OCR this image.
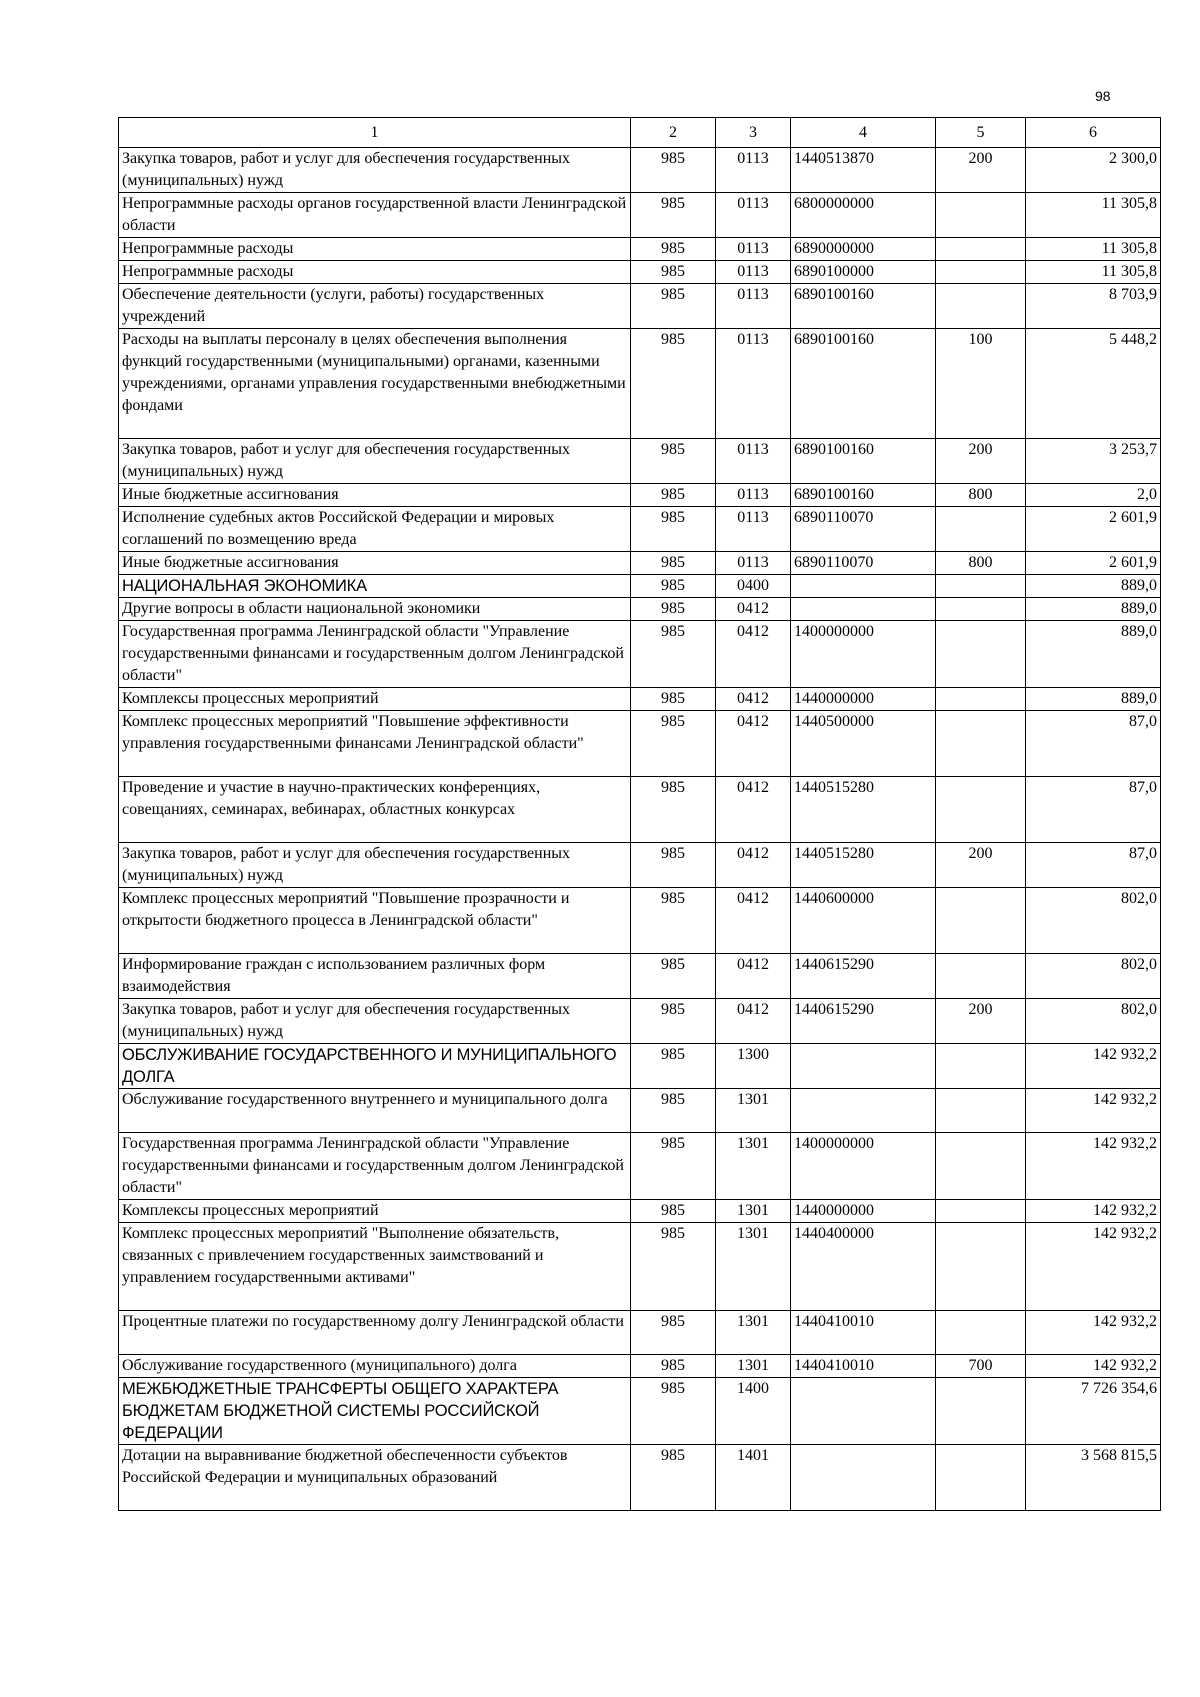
98
1	2	3	4	5	6
Закупка товаров, работ и услуг для обеспечения государственных (муниципальных) нужд	985	0113	1440513870	200	2 300,0
Непрограммные расходы органов государственной власти Ленинградской области	985	0113	6800000000		11 305,8
Непрограммные расходы	985	0113	6890000000		11 305,8
Непрограммные расходы	985	0113	6890100000		11 305,8
Обеспечение деятельности (услуги, работы) государственных учреждений	985	0113	6890100160		8 703,9
Расходы на выплаты персоналу в целях обеспечения выполнения функций государственными (муниципальными) органами, казенными учреждениями, органами управления государственными внебюджетными фондами	985	0113	6890100160	100	5 448,2
Закупка товаров, работ и услуг для обеспечения государственных (муниципальных) нужд	985	0113	6890100160	200	3 253,7
Иные бюджетные ассигнования	985	0113	6890100160	800	2,0
Исполнение судебных актов Российской Федерации и мировых соглашений по возмещению вреда	985	0113	6890110070		2 601,9
Иные бюджетные ассигнования	985	0113	6890110070	800	2 601,9
НАЦИОНАЛЬНАЯ ЭКОНОМИКА	985	0400			889,0
Другие вопросы в области национальной экономики	985	0412			889,0
Государственная программа Ленинградской области "Управление государственными финансами и государственным долгом Ленинградской области"	985	0412	1400000000		889,0
Комплексы процессных мероприятий	985	0412	1440000000		889,0
Комплекс процессных мероприятий "Повышение эффективности управления государственными финансами Ленинградской области"	985	0412	1440500000		87,0
Проведение и участие в научно-практических конференциях, совещаниях, семинарах, вебинарах, областных конкурсах	985	0412	1440515280		87,0
Закупка товаров, работ и услуг для обеспечения государственных (муниципальных) нужд	985	0412	1440515280	200	87,0
Комплекс процессных мероприятий "Повышение прозрачности и открытости бюджетного процесса в Ленинградской области"	985	0412	1440600000		802,0
Информирование граждан с использованием различных форм взаимодействия	985	0412	1440615290		802,0
Закупка товаров, работ и услуг для обеспечения государственных (муниципальных) нужд	985	0412	1440615290	200	802,0
ОБСЛУЖИВАНИЕ ГОСУДАРСТВЕННОГО И МУНИЦИПАЛЬНОГО ДОЛГА	985	1300			142 932,2
Обслуживание государственного внутреннего и муниципального долга	985	1301			142 932,2
Государственная программа Ленинградской области "Управление государственными финансами и государственным долгом Ленинградской области"	985	1301	1400000000		142 932,2
Комплексы процессных мероприятий	985	1301	1440000000		142 932,2
Комплекс процессных мероприятий "Выполнение обязательств, связанных с привлечением государственных заимствований и управлением государственными активами"	985	1301	1440400000		142 932,2
Процентные платежи по государственному долгу Ленинградской области	985	1301	1440410010		142 932,2
Обслуживание государственного (муниципального) долга	985	1301	1440410010	700	142 932,2
МЕЖБЮДЖЕТНЫЕ ТРАНСФЕРТЫ ОБЩЕГО ХАРАКТЕРА БЮДЖЕТАМ БЮДЖЕТНОЙ СИСТЕМЫ РОССИЙСКОЙ ФЕДЕРАЦИИ	985	1400			7 726 354,6
Дотации на выравнивание бюджетной обеспеченности субъектов Российской Федерации и муниципальных образований	985	1401			3 568 815,5
